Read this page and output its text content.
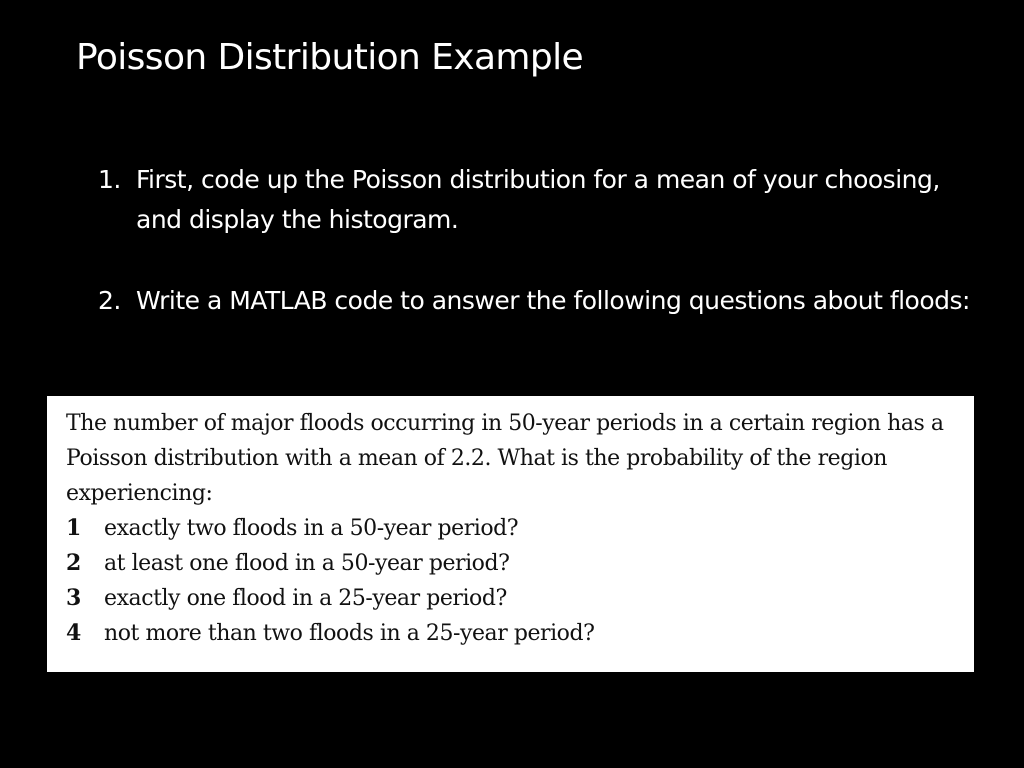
Poisson Distribution Example
1. First, code up the Poisson distribution for a mean of your choosing, and display the histogram.
2. Write a MATLAB code to answer the following questions about floods:
The number of major floods occurring in 50-year periods in a certain region has a Poisson distribution with a mean of 2.2. What is the probability of the region experiencing:
1	exactly two floods in a 50-year period?
2	at least one flood in a 50-year period?
3	exactly one flood in a 25-year period?
4	not more than two floods in a 25-year period?
